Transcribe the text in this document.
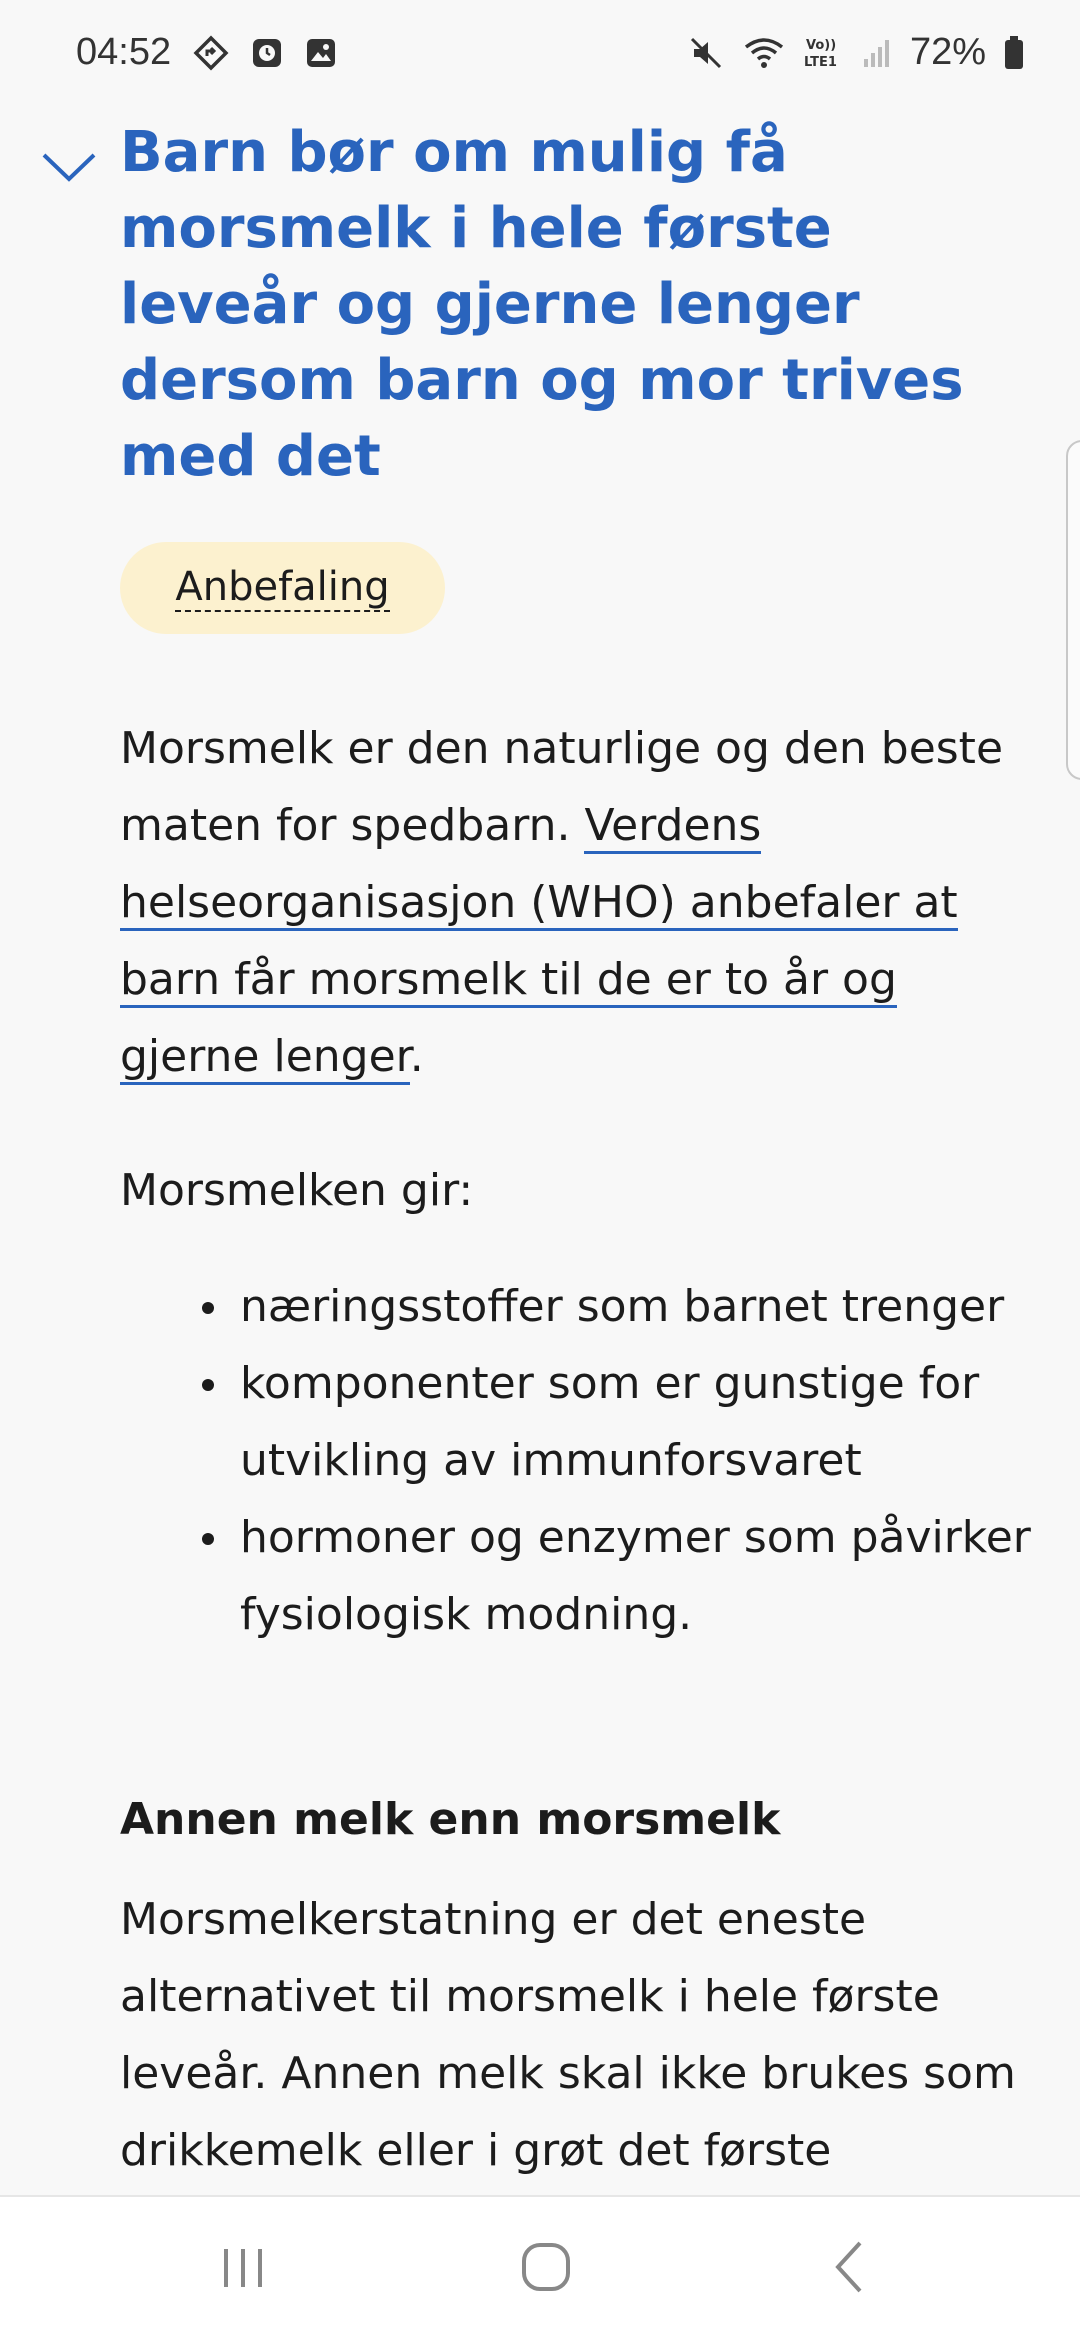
04:52	Vo))
LTE1 72%
Barn bør om mulig få morsmelk i hele første leveår og gjerne lenger dersom barn og mor trives med det
Anbefaling

Morsmelk er den naturlige og den beste maten for spedbarn. Verdens helseorganisasjon (WHO) anbefaler at barn får morsmelk til de er to år og gjerne lenger.

Morsmelken gir:

næringsstoffer som barnet trenger
komponenter som er gunstige for utvikling av immunforsvaret
hormoner og enzymer som påvirker fysiologisk modning.
Annen melk enn morsmelk

Morsmelkerstatning er det eneste alternativet til morsmelk i hele første leveår. Annen melk skal ikke brukes som drikkemelk eller i grøt det første
